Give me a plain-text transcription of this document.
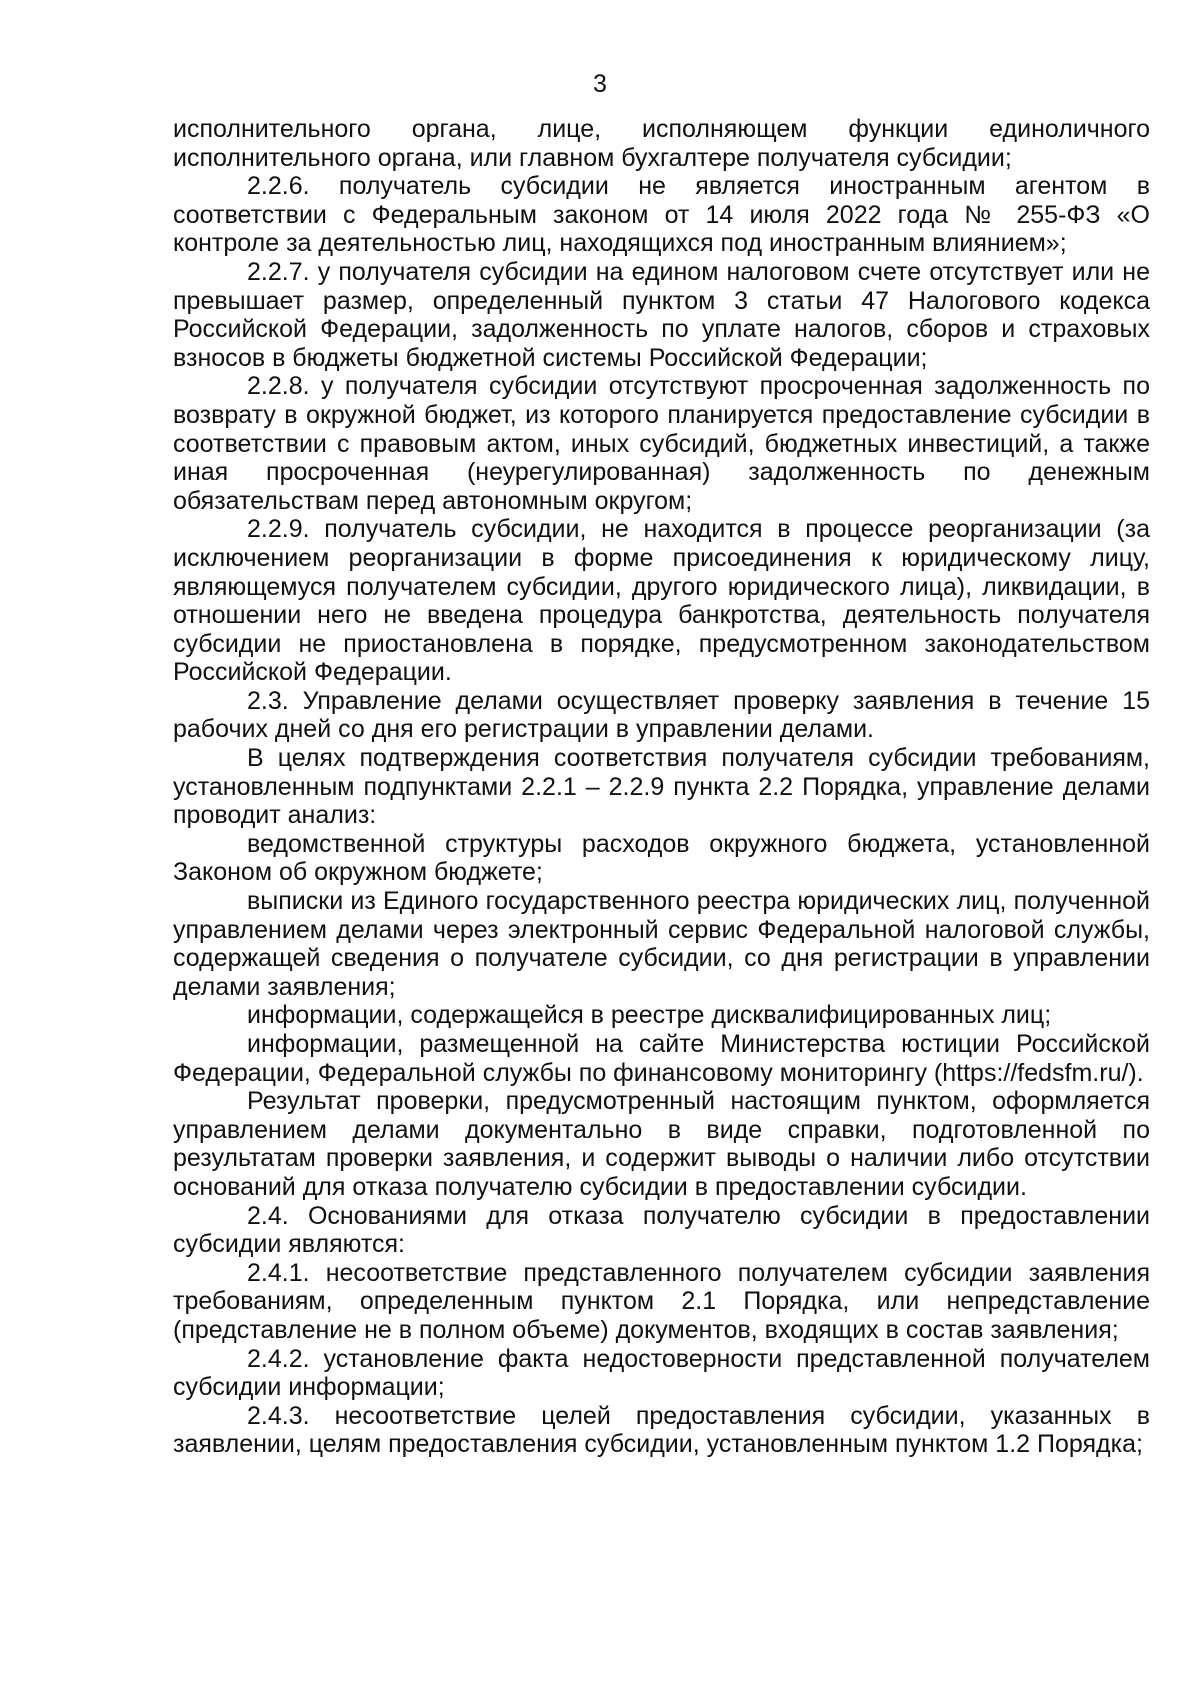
3

исполнительного органа, лице, исполняющем функции единоличного исполнительного органа, или главном бухгалтере получателя субсидии;

2.2.6. получатель субсидии не является иностранным агентом в соответствии с Федеральным законом от 14 июля 2022 года № 255-ФЗ «О контроле за деятельностью лиц, находящихся под иностранным влиянием»;

2.2.7. у получателя субсидии на едином налоговом счете отсутствует или не превышает размер, определенный пунктом 3 статьи 47 Налогового кодекса Российской Федерации, задолженность по уплате налогов, сборов и страховых взносов в бюджеты бюджетной системы Российской Федерации;

2.2.8. у получателя субсидии отсутствуют просроченная задолженность по возврату в окружной бюджет, из которого планируется предоставление субсидии в соответствии с правовым актом, иных субсидий, бюджетных инвестиций, а также иная просроченная (неурегулированная) задолженность по денежным обязательствам перед автономным округом;

2.2.9. получатель субсидии, не находится в процессе реорганизации (за исключением реорганизации в форме присоединения к юридическому лицу, являющемуся получателем субсидии, другого юридического лица), ликвидации, в отношении него не введена процедура банкротства, деятельность получателя субсидии не приостановлена в порядке, предусмотренном законодательством Российской Федерации.

2.3. Управление делами осуществляет проверку заявления в течение 15 рабочих дней со дня его регистрации в управлении делами.

В целях подтверждения соответствия получателя субсидии требованиям, установленным подпунктами 2.2.1 – 2.2.9 пункта 2.2 Порядка, управление делами проводит анализ:

ведомственной структуры расходов окружного бюджета, установленной Законом об окружном бюджете;

выписки из Единого государственного реестра юридических лиц, полученной управлением делами через электронный сервис Федеральной налоговой службы, содержащей сведения о получателе субсидии, со дня регистрации в управлении делами заявления;

информации, содержащейся в реестре дисквалифицированных лиц;

информации, размещенной на сайте Министерства юстиции Российской Федерации, Федеральной службы по финансовому мониторингу (https://fedsfm.ru/).

Результат проверки, предусмотренный настоящим пунктом, оформляется управлением делами документально в виде справки, подготовленной по результатам проверки заявления, и содержит выводы о наличии либо отсутствии оснований для отказа получателю субсидии в предоставлении субсидии.

2.4. Основаниями для отказа получателю субсидии в предоставлении субсидии являются:

2.4.1. несоответствие представленного получателем субсидии заявления требованиям, определенным пунктом 2.1 Порядка, или непредставление (представление не в полном объеме) документов, входящих в состав заявления;

2.4.2. установление факта недостоверности представленной получателем субсидии информации;

2.4.3. несоответствие целей предоставления субсидии, указанных в заявлении, целям предоставления субсидии, установленным пунктом 1.2 Порядка;
